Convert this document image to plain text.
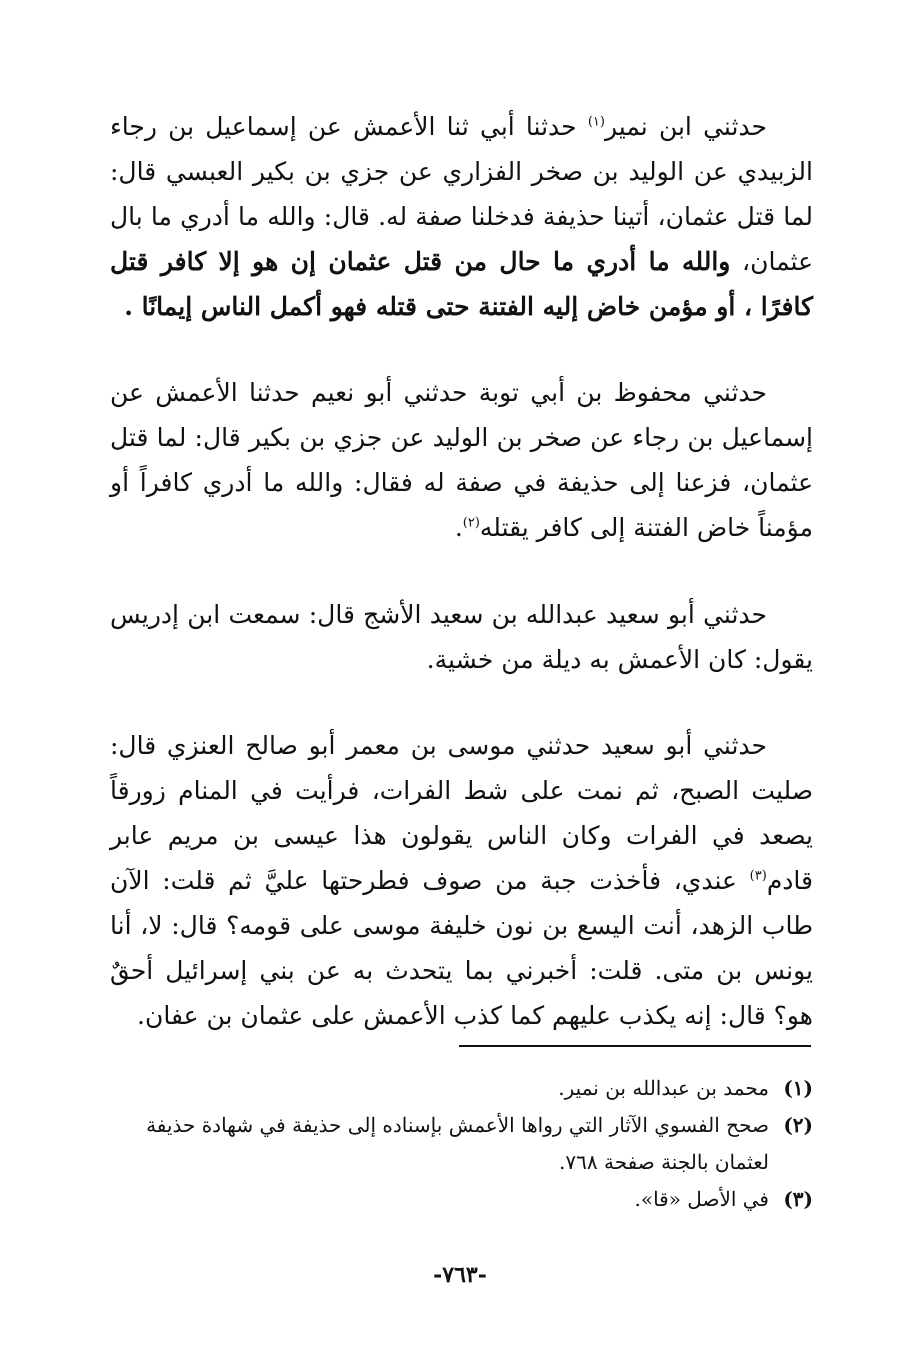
حدثني ابن نمير$^{(١)}$ حدثنا أبي ثنا الأعمش عن إسماعيل بن رجاء الزبيدي عن الوليد بن صخر الفزاري عن جزي بن بكير العبسي قال: لما قتل عثمان، أتينا حذيفة فدخلنا صفة له. قال: والله ما أدري ما بال عثمان، والله ما أدري ما حال من قتل عثمان إن هو إلا كافر قتل كافرًا ، أو مؤمن خاض إليه الفتنة حتى قتله فهو أكمل الناس إيمانًا .

حدثني محفوظ بن أبي توبة حدثني أبو نعيم حدثنا الأعمش عن إسماعيل بن رجاء عن صخر بن الوليد عن جزي بن بكير قال: لما قتل عثمان، فزعنا إلى حذيفة في صفة له فقال: والله ما أدري كافراً أو مؤمناً خاض الفتنة إلى كافر يقتله$^{(٢)}$.

حدثني أبو سعيد عبدالله بن سعيد الأشج قال: سمعت ابن إدريس يقول: كان الأعمش به ديلة من خشية.

حدثني أبو سعيد حدثني موسى بن معمر أبو صالح العنزي قال: صليت الصبح، ثم نمت على شط الفرات، فرأيت في المنام زورقاً يصعد في الفرات وكان الناس يقولون هذا عيسى بن مريم عابر قادم$^{(٣)}$ عندي، فأخذت جبة من صوف فطرحتها عليَّ ثم قلت: الآن طاب الزهد، أنت اليسع بن نون خليفة موسى على قومه؟ قال: لا، أنا يونس بن متى. قلت: أخبرني بما يتحدث به عن بني إسرائيل أحقٌ هو؟ قال: إنه يكذب عليهم كما كذب الأعمش على عثمان بن عفان.

(١)
محمد بن عبدالله بن نمير.
(٢)
صحح الفسوي الآثار التي رواها الأعمش بإسناده إلى حذيفة في شهادة حذيفة لعثمان بالجنة صفحة ٧٦٨.
(٣)
في الأصل «قا».
-٧٦٣-
